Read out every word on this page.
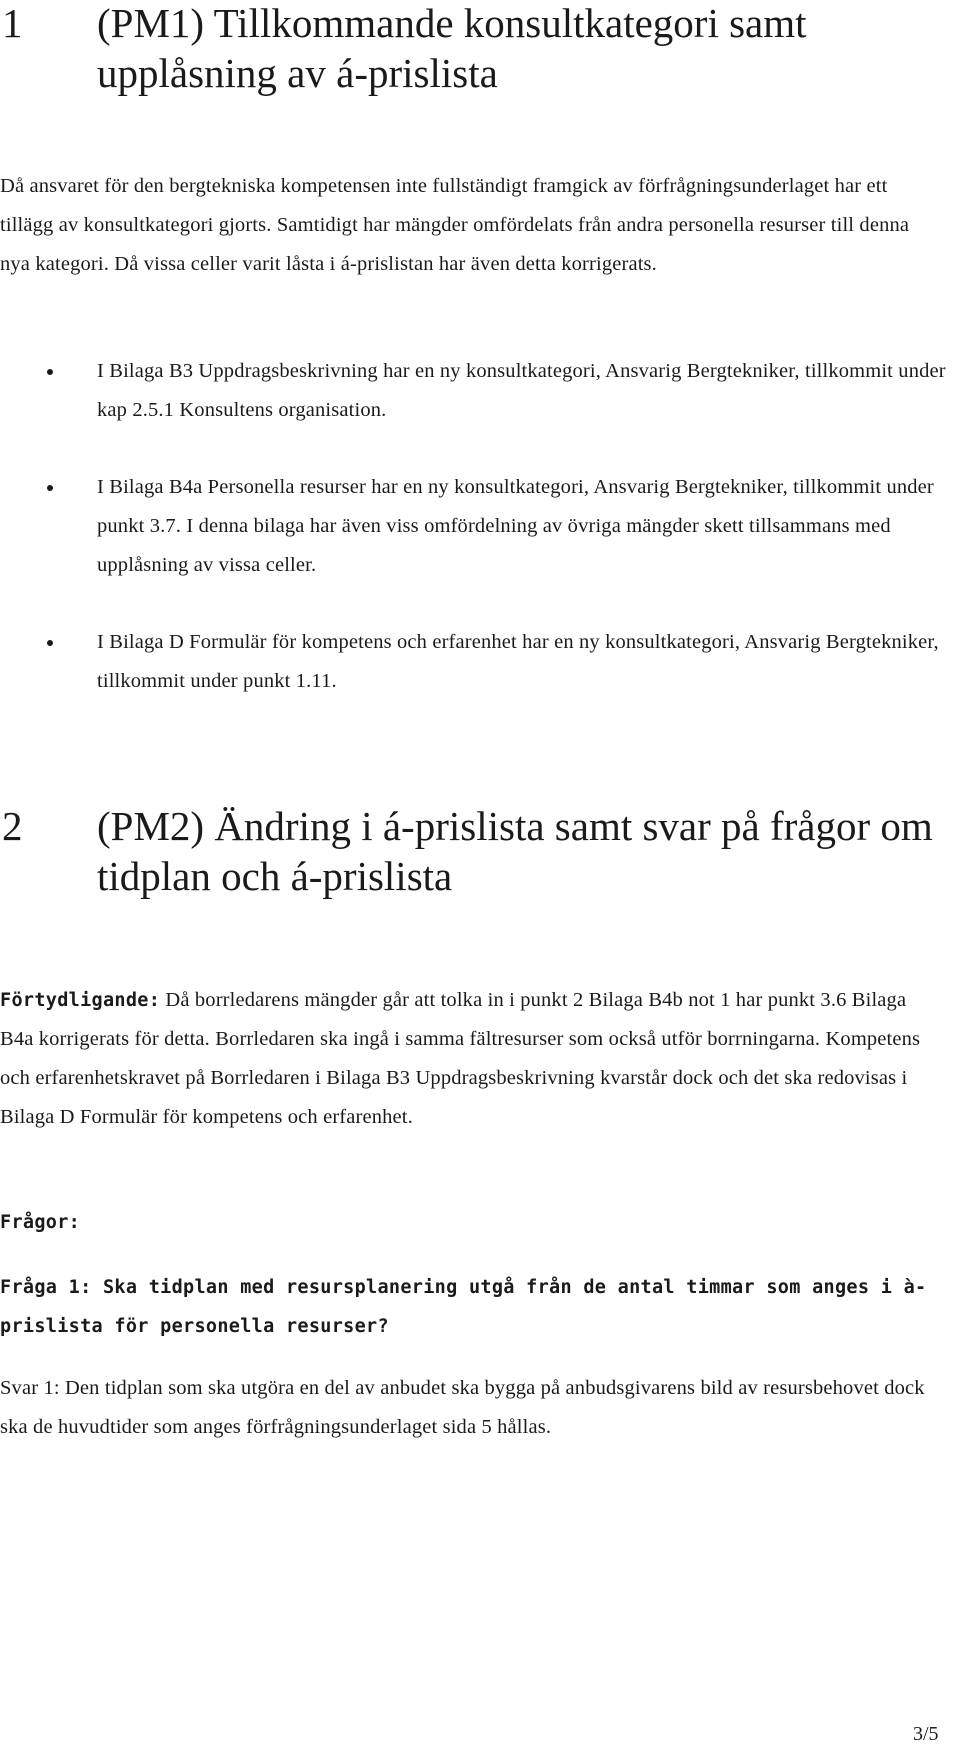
1 (PM1) Tillkommande konsultkategori samt upplåsning av á-prislista

Då ansvaret för den bergtekniska kompetensen inte fullständigt framgick av förfrågningsunderlaget har ett tillägg av konsultkategori gjorts. Samtidigt har mängder omfördelats från andra personella resurser till denna nya kategori. Då vissa celler varit låsta i á-prislistan har även detta korrigerats.

I Bilaga B3 Uppdragsbeskrivning har en ny konsultkategori, Ansvarig Bergtekniker, tillkommit under kap 2.5.1 Konsultens organisation.
I Bilaga B4a Personella resurser har en ny konsultkategori, Ansvarig Bergtekniker, tillkommit under punkt 3.7. I denna bilaga har även viss omfördelning av övriga mängder skett tillsammans med upplåsning av vissa celler.
I Bilaga D Formulär för kompetens och erfarenhet har en ny konsultkategori, Ansvarig Bergtekniker, tillkommit under punkt 1.11.
2 (PM2) Ändring i á-prislista samt svar på frågor om tidplan och á-prislista

Förtydligande: Då borrledarens mängder går att tolka in i punkt 2 Bilaga B4b not 1 har punkt 3.6 Bilaga B4a korrigerats för detta. Borrledaren ska ingå i samma fältresurser som också utför borrningarna. Kompetens och erfarenhetskravet på Borrledaren i Bilaga B3 Uppdragsbeskrivning kvarstår dock och det ska redovisas i Bilaga D Formulär för kompetens och erfarenhet.

Frågor:

Fråga 1: Ska tidplan med resursplanering utgå från de antal timmar som anges i à-prislista för personella resurser?

Svar 1: Den tidplan som ska utgöra en del av anbudet ska bygga på anbudsgivarens bild av resursbehovet dock ska de huvudtider som anges förfrågningsunderlaget sida 5 hållas.

3/5
